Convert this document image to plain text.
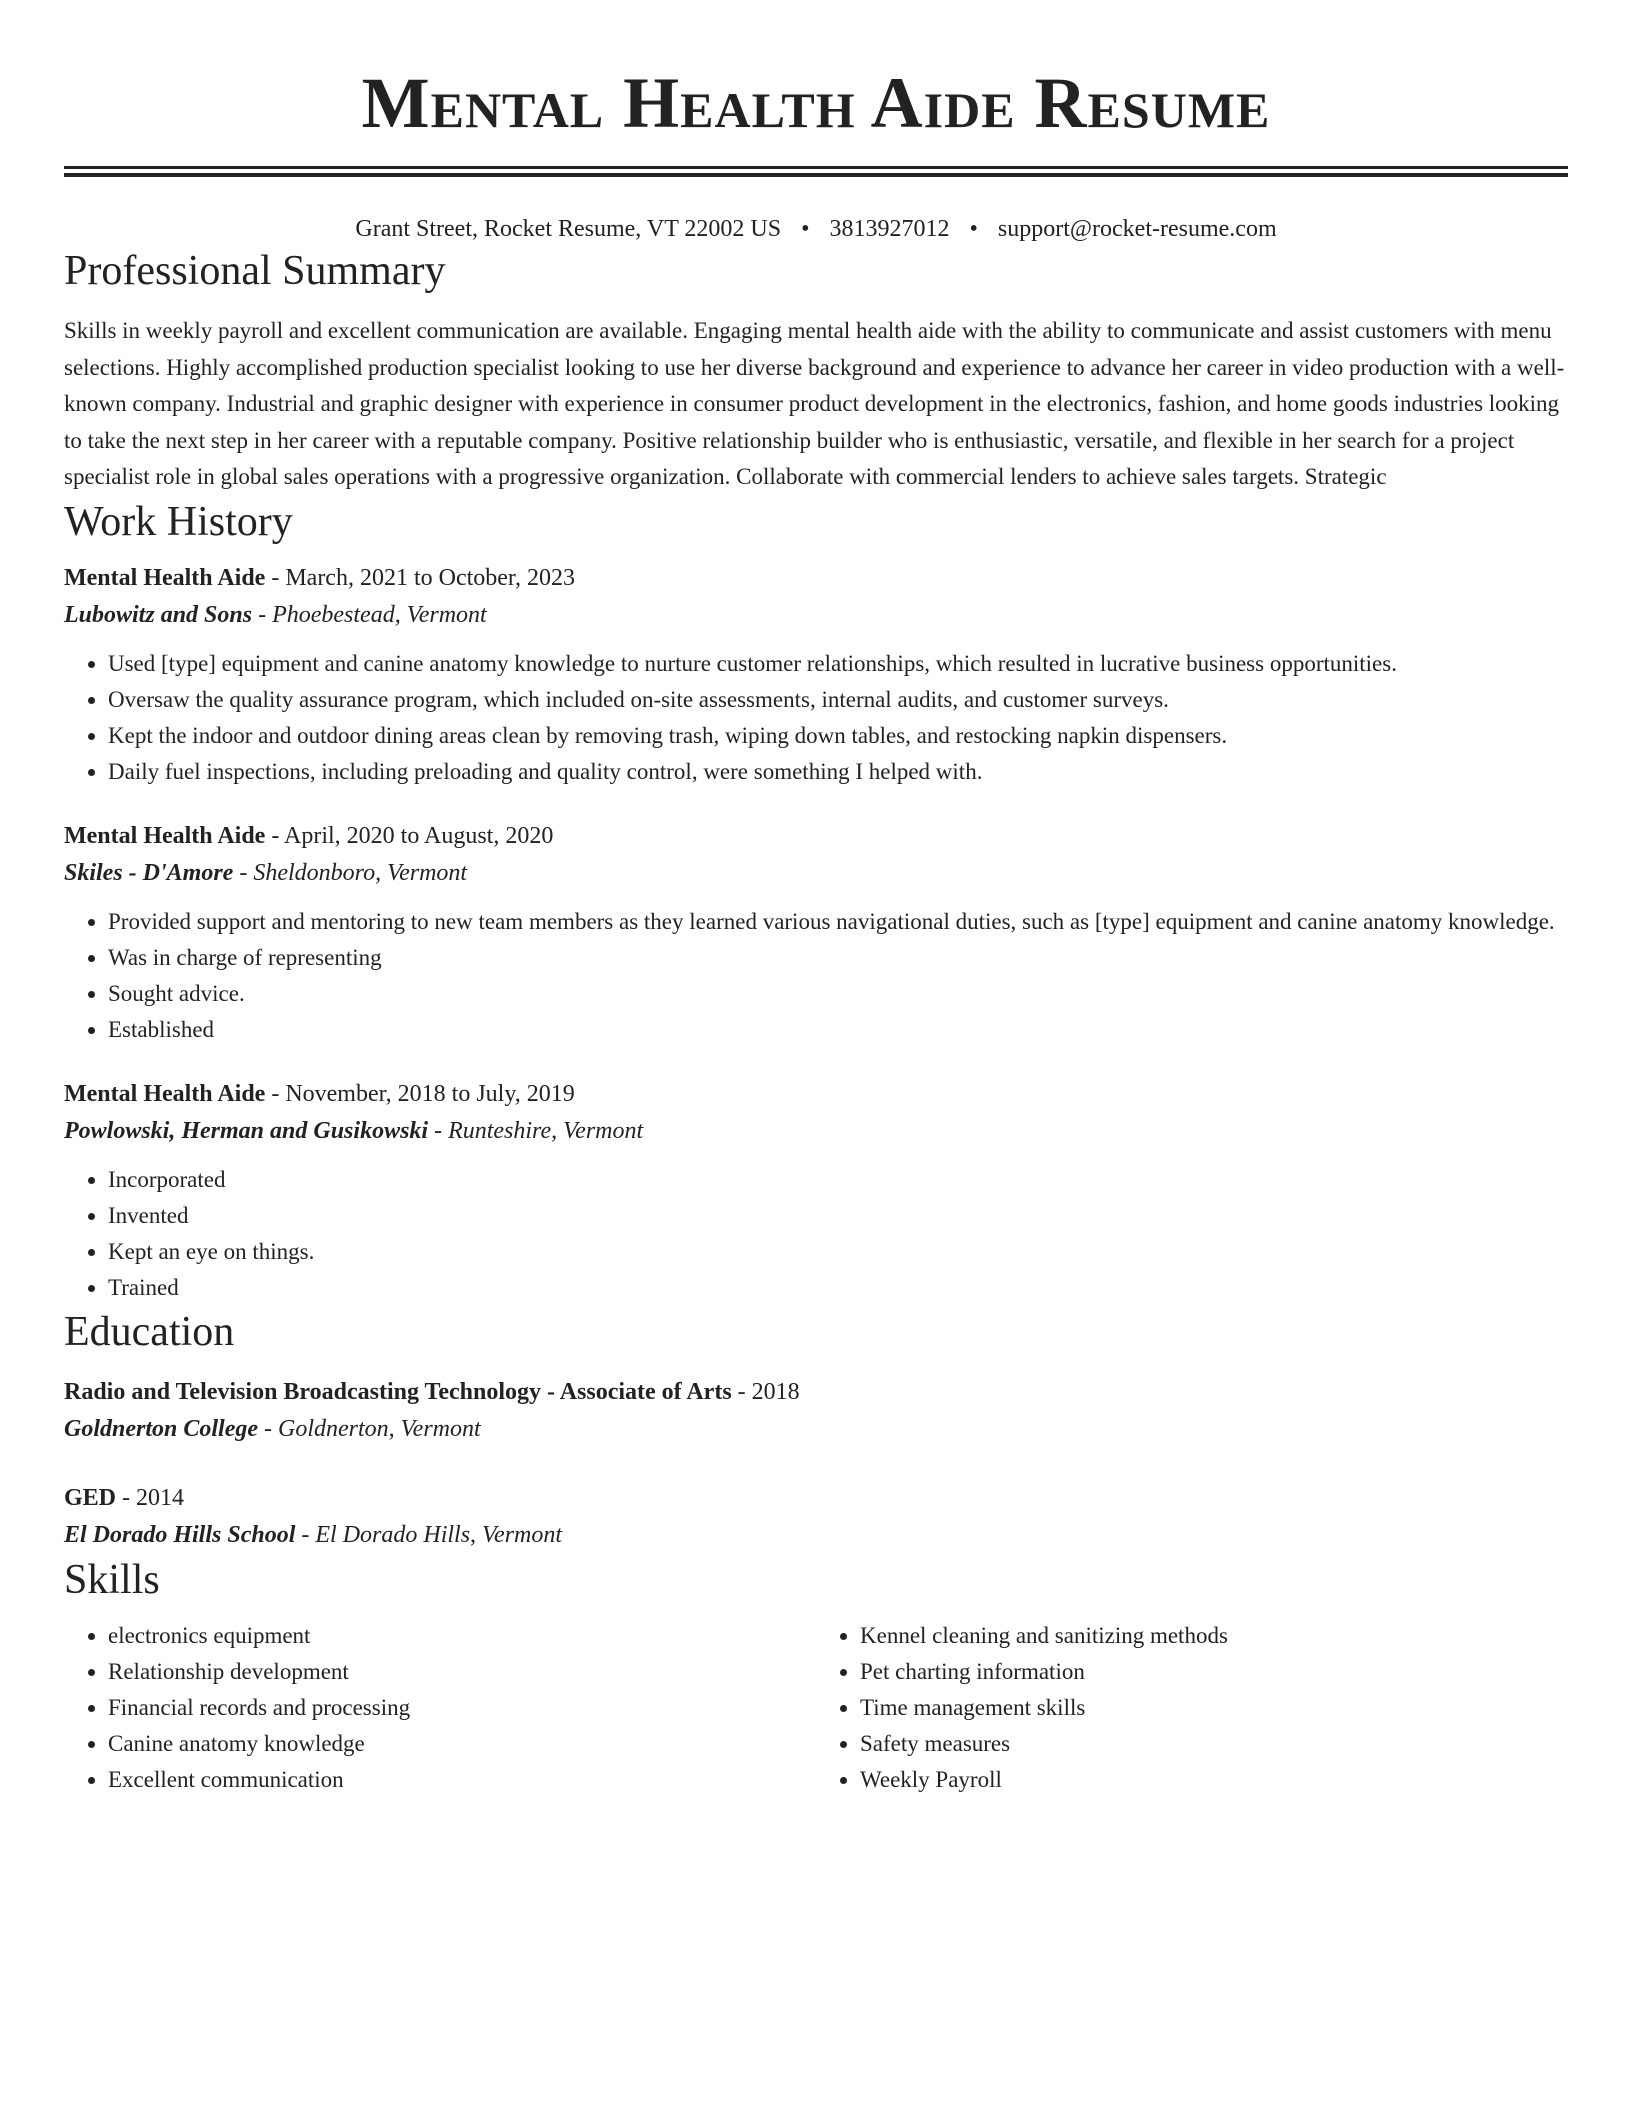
Mental Health Aide Resume
Grant Street, Rocket Resume, VT 22002 US • 3813927012 • support@rocket-resume.com
Professional Summary
Skills in weekly payroll and excellent communication are available. Engaging mental health aide with the ability to communicate and assist customers with menu selections. Highly accomplished production specialist looking to use her diverse background and experience to advance her career in video production with a well-known company. Industrial and graphic designer with experience in consumer product development in the electronics, fashion, and home goods industries looking to take the next step in her career with a reputable company. Positive relationship builder who is enthusiastic, versatile, and flexible in her search for a project specialist role in global sales operations with a progressive organization. Collaborate with commercial lenders to achieve sales targets. Strategic
Work History
Mental Health Aide - March, 2021 to October, 2023
Lubowitz and Sons - Phoebestead, Vermont
• Used [type] equipment and canine anatomy knowledge to nurture customer relationships, which resulted in lucrative business opportunities.
• Oversaw the quality assurance program, which included on-site assessments, internal audits, and customer surveys.
• Kept the indoor and outdoor dining areas clean by removing trash, wiping down tables, and restocking napkin dispensers.
• Daily fuel inspections, including preloading and quality control, were something I helped with.
Mental Health Aide - April, 2020 to August, 2020
Skiles - D'Amore - Sheldonboro, Vermont
• Provided support and mentoring to new team members as they learned various navigational duties, such as [type] equipment and canine anatomy knowledge.
• Was in charge of representing
• Sought advice.
• Established
Mental Health Aide - November, 2018 to July, 2019
Powlowski, Herman and Gusikowski - Runteshire, Vermont
• Incorporated
• Invented
• Kept an eye on things.
• Trained
Education
Radio and Television Broadcasting Technology - Associate of Arts - 2018
Goldnerton College - Goldnerton, Vermont
GED - 2014
El Dorado Hills School - El Dorado Hills, Vermont
Skills
• electronics equipment
• Relationship development
• Financial records and processing
• Canine anatomy knowledge
• Excellent communication
• Kennel cleaning and sanitizing methods
• Pet charting information
• Time management skills
• Safety measures
• Weekly Payroll
